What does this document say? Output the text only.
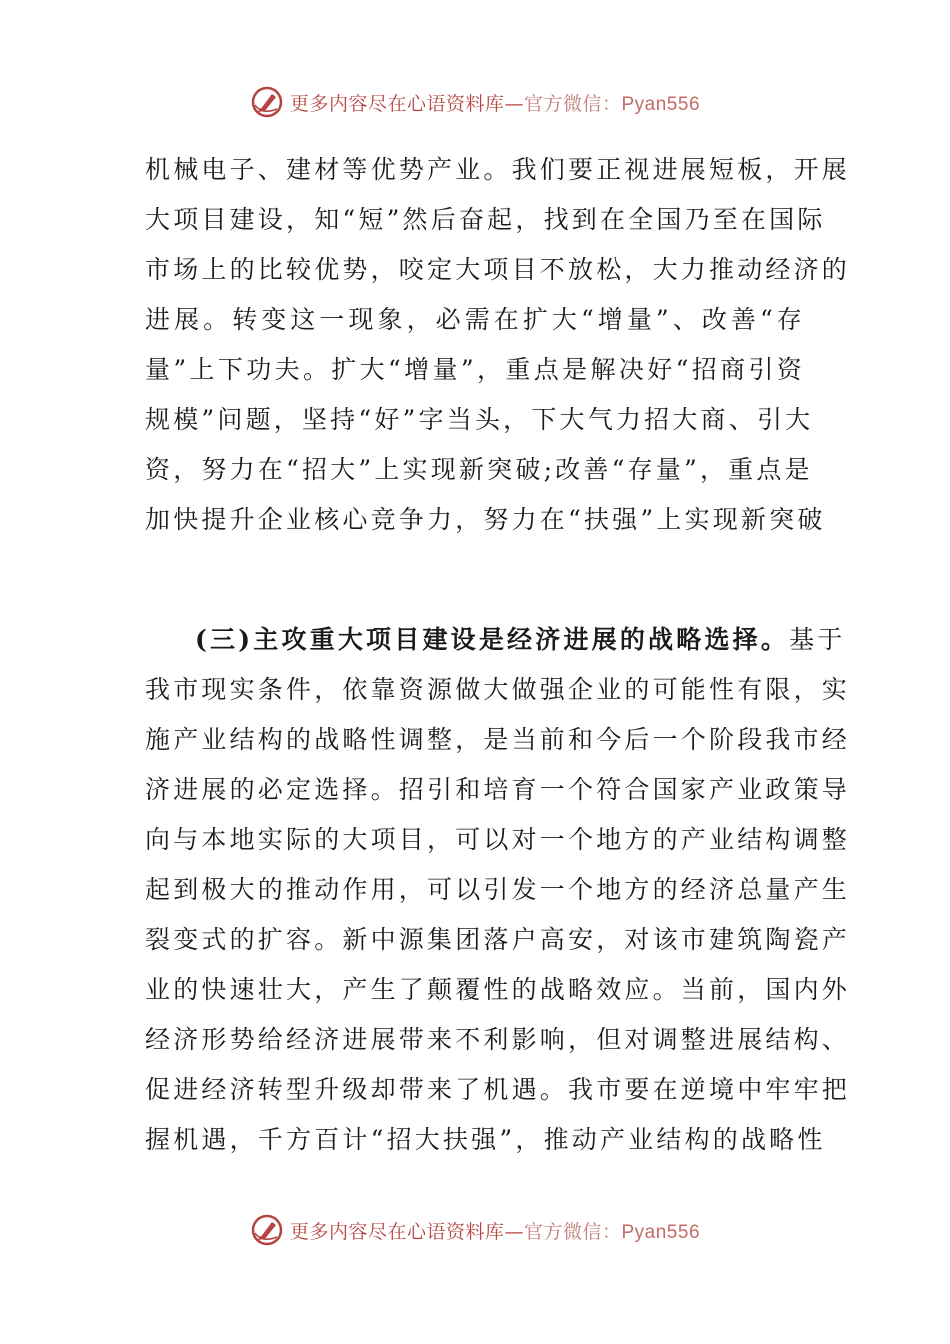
更多内容尽在心语资料库—官方微信：Pyan556
机械电子、建材等优势产业。我们要正视进展短板，开展
大项目建设，知“短”然后奋起，找到在全国乃至在国际
市场上的比较优势，咬定大项目不放松，大力推动经济的
进展。转变这一现象，必需在扩大“增量”、改善“存
量”上下功夫。扩大“增量”，重点是解决好“招商引资
规模”问题，坚持“好”字当头，下大气力招大商、引大
资，努力在“招大”上实现新突破;改善“存量”，重点是
加快提升企业核心竞争力，努力在“扶强”上实现新突破
(三)主攻重大项目建设是经济进展的战略选择。基于
我市现实条件，依靠资源做大做强企业的可能性有限，实
施产业结构的战略性调整，是当前和今后一个阶段我市经
济进展的必定选择。招引和培育一个符合国家产业政策导
向与本地实际的大项目，可以对一个地方的产业结构调整
起到极大的推动作用，可以引发一个地方的经济总量产生
裂变式的扩容。新中源集团落户高安，对该市建筑陶瓷产
业的快速壮大，产生了颠覆性的战略效应。当前，国内外
经济形势给经济进展带来不利影响，但对调整进展结构、
促进经济转型升级却带来了机遇。我市要在逆境中牢牢把
握机遇，千方百计“招大扶强”，推动产业结构的战略性
更多内容尽在心语资料库—官方微信：Pyan556
